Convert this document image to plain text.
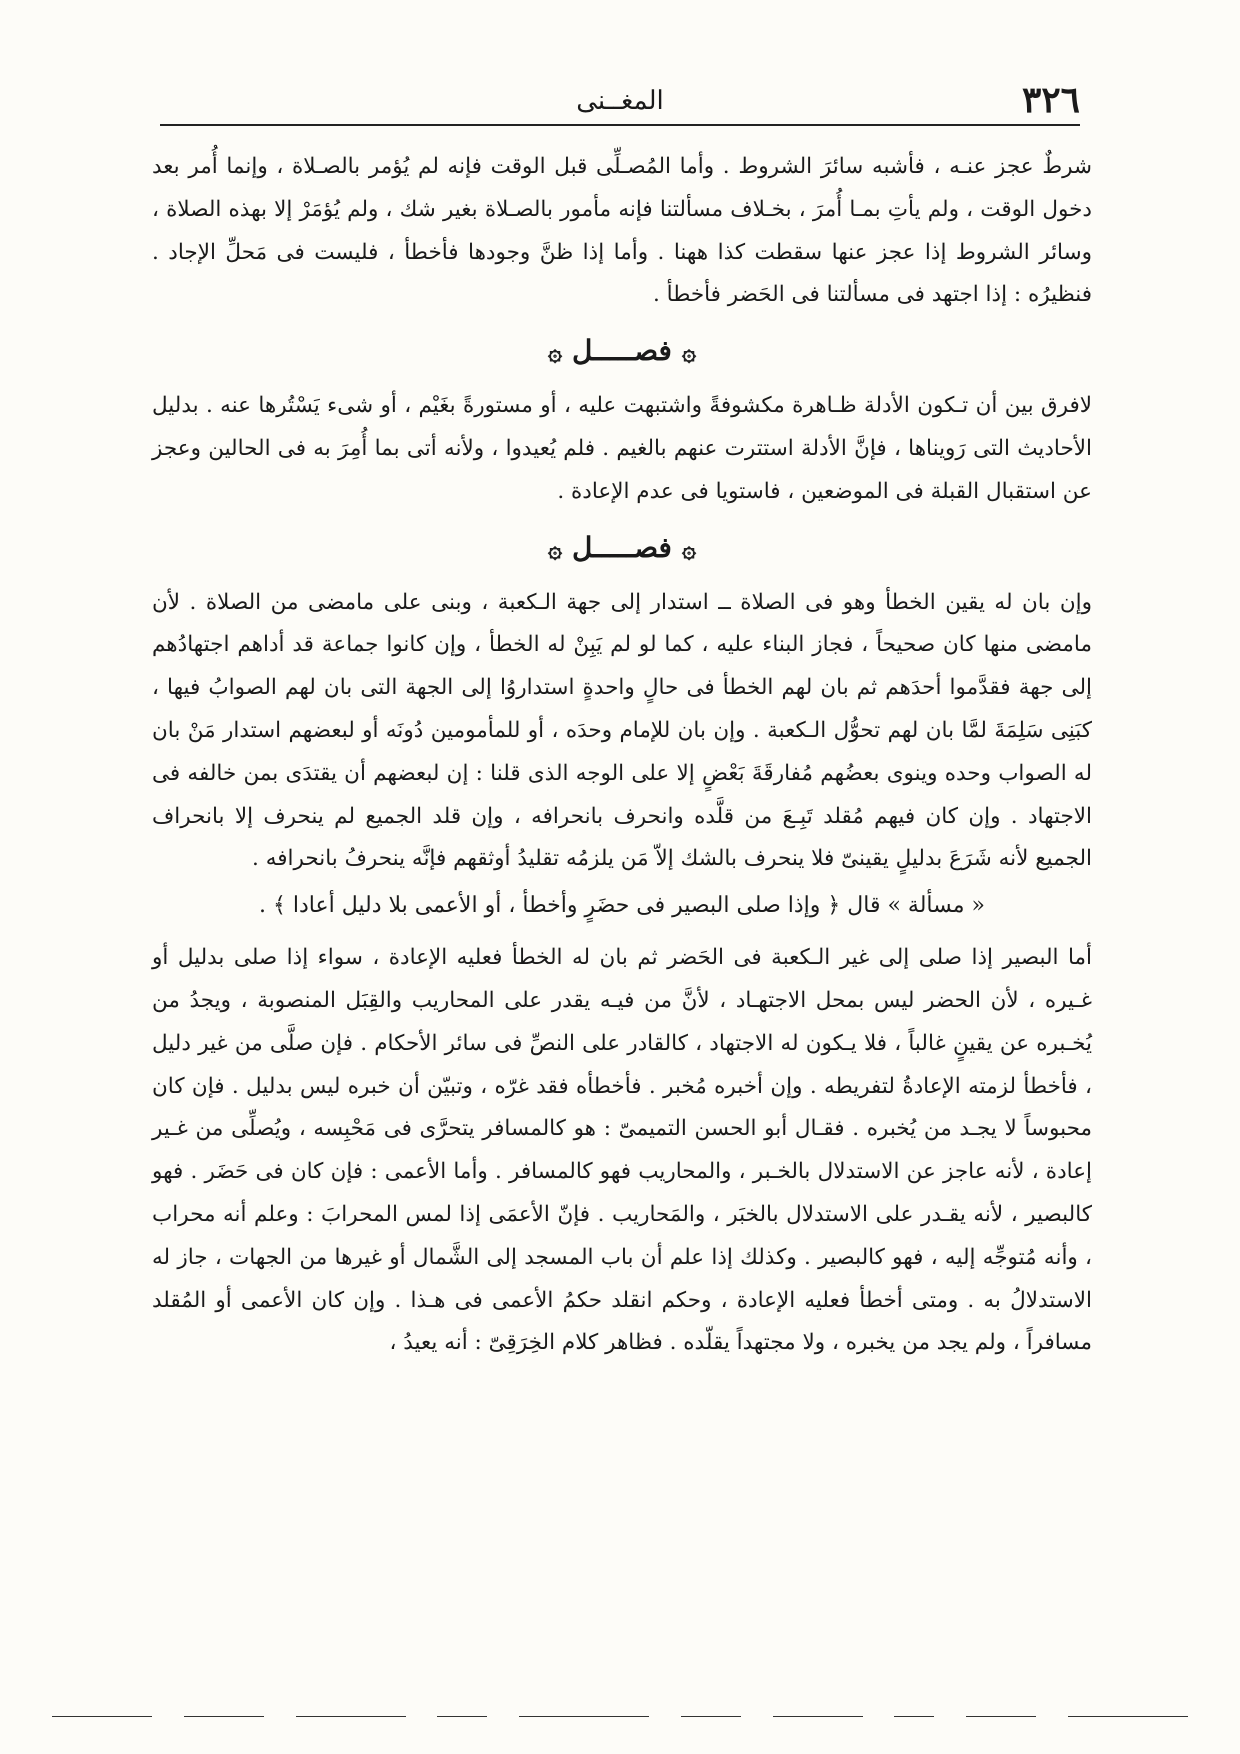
٣٢٦
المغــنى

شرطٌ عجز عنـه ، فأشبه سائرَ الشروط . وأما المُصـلِّى قبل الوقت فإنه لم يُؤمر بالصـلاة ، وإنما أُمر بعد دخول الوقت ، ولم يأتِ بمـا أُمرَ ، بخـلاف مسألتنا فإنه مأمور بالصـلاة بغير شك ، ولم يُؤمَرْ إلا بهذه الصلاة ، وسائر الشروط إذا عجز عنها سقطت كذا ههنا . وأما إذا ظنَّ وجودها فأخطأ ، فليست فى مَحلِّ الإجاد . فنظيرُه : إذا اجتهد فى مسألتنا فى الحَضر فأخطأ .

۞فصـــــل۞

لافرق بين أن تـكون الأدلة ظـاهرة مكشوفةً واشتبهت عليه ، أو مستورةً بغَيْم ، أو شىء يَسْتُرها عنه . بدليل الأحاديث التى رَويناها ، فإنَّ الأدلة استترت عنهم بالغيم . فلم يُعيدوا ، ولأنه أتى بما أُمِرَ به فى الحالين وعجز عن استقبال القبلة فى الموضعين ، فاستويا فى عدم الإعادة .

۞فصـــــل۞

وإن بان له يقين الخطأ وهو فى الصلاة ــ استدار إلى جهة الـكعبة ، وبنى على مامضى من الصلاة . لأن مامضى منها كان صحيحاً ، فجاز البناء عليه ، كما لو لم يَبِنْ له الخطأ ، وإن كانوا جماعة قد أداهم اجتهادُهم إلى جهة فقدَّموا أحدَهم ثم بان لهم الخطأ فى حالٍ واحدةٍ استداروُا إلى الجهة التى بان لهم الصوابُ فيها ، كبَنِى سَلِمَةَ لمَّا بان لهم تحوُّل الـكعبة . وإن بان للإمام وحدَه ، أو للمأمومين دُونَه أو لبعضهم استدار مَنْ بان له الصواب وحده وينوى بعضُهم مُفارقَةَ بَعْضٍ إلا على الوجه الذى قلنا : إن لبعضهم أن يقتدَى بمن خالفه فى الاجتهاد . وإن كان فيهم مُقلد تَبِـعَ من قلَّده وانحرف بانحرافه ، وإن قلد الجميع لم ينحرف إلا بانحراف الجميع لأنه شَرَعَ بدليلٍ يقينىّ فلا ينحرف بالشك إلاّ مَن يلزمُه تقليدُ أوثقهم فإنَّه ينحرفُ بانحرافه .

« مسألة » قال ﴿ وإذا صلى البصير فى حضَرٍ وأخطأ ، أو الأعمى بلا دليل أعادا ﴾ .

أما البصير إذا صلى إلى غير الـكعبة فى الحَضر ثم بان له الخطأ فعليه الإعادة ، سواء إذا صلى بدليل أو غـيره ، لأن الحضر ليس بمحل الاجتهـاد ، لأنَّ من فيـه يقدر على المحاريب والقِبَل المنصوبة ، ويجدُ من يُخـبره عن يقينٍ غالباً ، فلا يـكون له الاجتهاد ، كالقادر على النصِّ فى سائر الأحكام . فإن صلَّى من غير دليل ، فأخطأ لزمته الإعادةُ لتفريطه . وإن أخبره مُخبر . فأخطأه فقد غرّه ، وتبيّن أن خبره ليس بدليل . فإن كان محبوساً لا يجـد من يُخبره . فقـال أبو الحسن التميمىّ : هو كالمسافر يتحرَّى فى مَحْبِسه ، ويُصلِّى من غـير إعادة ، لأنه عاجز عن الاستدلال بالخـبر ، والمحاريب فهو كالمسافر . وأما الأعمى : فإن كان فى حَضَر . فهو كالبصير ، لأنه يقـدر على الاستدلال بالخبَر ، والمَحاريب . فإنّ الأعمَى إذا لمس المحرابَ : وعلم أنه محراب ، وأنه مُتوجِّه إليه ، فهو كالبصير . وكذلك إذا علم أن باب المسجد إلى الشَّمال أو غيرها من الجهات ، جاز له الاستدلالُ به . ومتى أخطأ فعليه الإعادة ، وحكم انقلد حكمُ الأعمى فى هـذا . وإن كان الأعمى أو المُقلد مسافراً ، ولم يجد من يخبره ، ولا مجتهداً يقلّده . فظاهر كلام الخِرَقِىّ : أنه يعيدُ ،
